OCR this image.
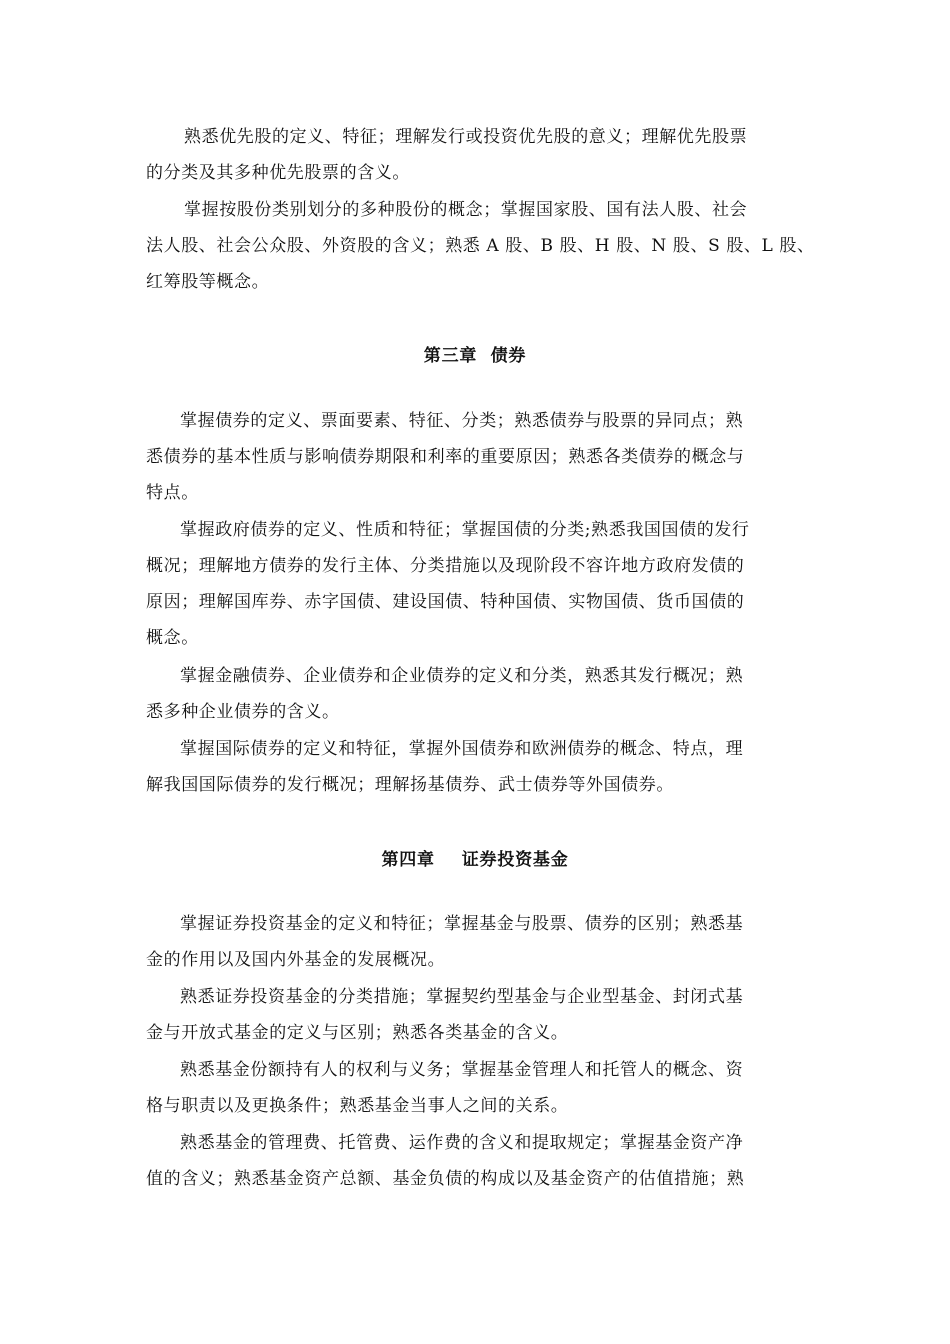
熟悉优先股的定义、特征；理解发行或投资优先股的意义；理解优先股票
的分类及其多种优先股票的含义。

掌握按股份类别划分的多种股份的概念；掌握国家股、国有法人股、社会
法人股、社会公众股、外资股的含义；熟悉 A 股、B 股、H 股、N 股、S 股、L 股、
红筹股等概念。

第三章  债券

掌握债券的定义、票面要素、特征、分类；熟悉债券与股票的异同点；熟
悉债券的基本性质与影响债券期限和利率的重要原因；熟悉各类债券的概念与
特点。

掌握政府债券的定义、性质和特征；掌握国债的分类;熟悉我国国债的发行
概况；理解地方债券的发行主体、分类措施以及现阶段不容许地方政府发债的
原因；理解国库券、赤字国债、建设国债、特种国债、实物国债、货币国债的
概念。

掌握金融债券、企业债券和企业债券的定义和分类，熟悉其发行概况；熟
悉多种企业债券的含义。

掌握国际债券的定义和特征，掌握外国债券和欧洲债券的概念、特点，理
解我国国际债券的发行概况；理解扬基债券、武士债券等外国债券。

第四章    证券投资基金

掌握证券投资基金的定义和特征；掌握基金与股票、债券的区别；熟悉基
金的作用以及国内外基金的发展概况。

熟悉证券投资基金的分类措施；掌握契约型基金与企业型基金、封闭式基
金与开放式基金的定义与区别；熟悉各类基金的含义。

熟悉基金份额持有人的权利与义务；掌握基金管理人和托管人的概念、资
格与职责以及更换条件；熟悉基金当事人之间的关系。

熟悉基金的管理费、托管费、运作费的含义和提取规定；掌握基金资产净
值的含义；熟悉基金资产总额、基金负债的构成以及基金资产的估值措施；熟
